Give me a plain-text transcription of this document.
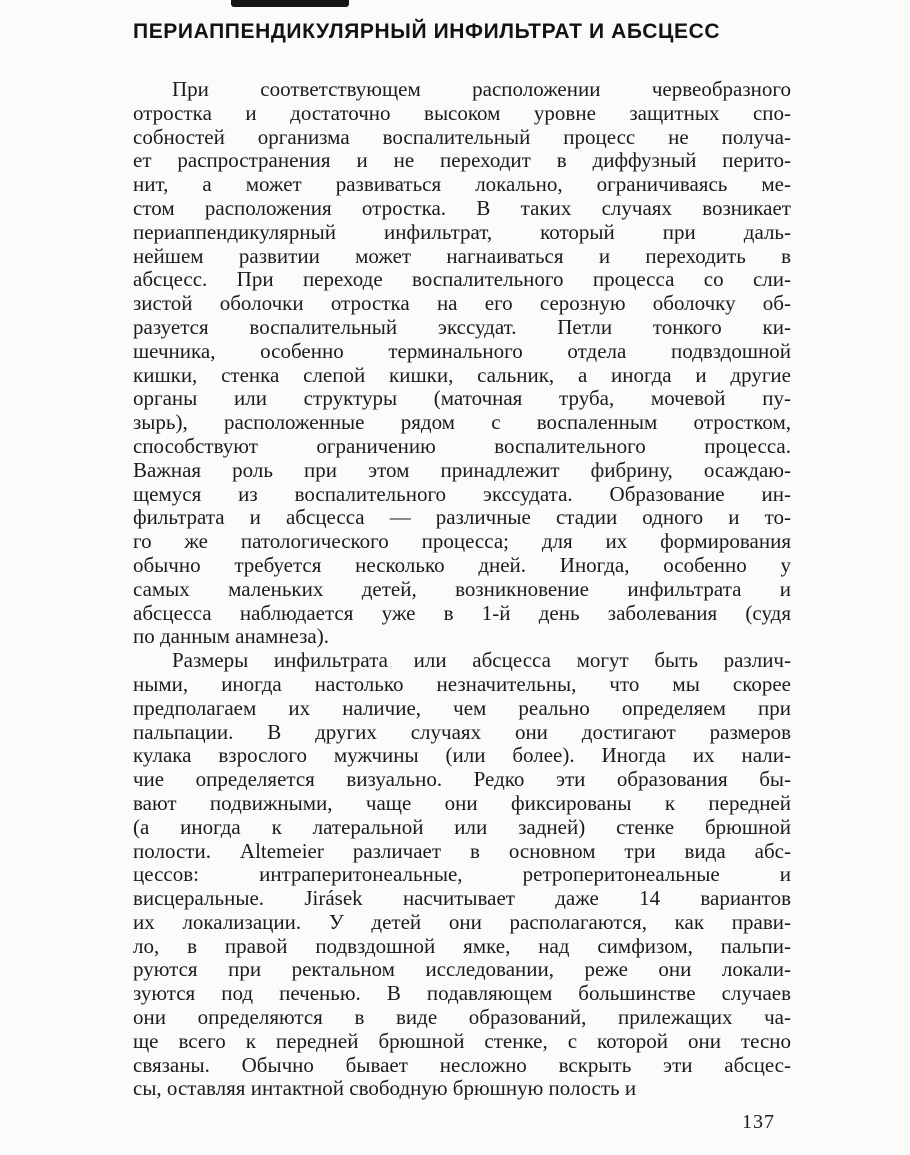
ПЕРИАППЕНДИКУЛЯРНЫЙ ИНФИЛЬТРАТ И АБСЦЕСС
При соответствующем расположении червеобразного
отростка и достаточно высоком уровне защитных спо-
собностей организма воспалительный процесс не получа-
ет распространения и не переходит в диффузный перито-
нит, а может развиваться локально, ограничиваясь ме-
стом расположения отростка. В таких случаях возникает
периаппендикулярный инфильтрат, который при даль-
нейшем развитии может нагнаиваться и переходить в
абсцесс. При переходе воспалительного процесса со сли-
зистой оболочки отростка на его серозную оболочку об-
разуется воспалительный экссудат. Петли тонкого ки-
шечника, особенно терминального отдела подвздошной
кишки, стенка слепой кишки, сальник, а иногда и другие
органы или структуры (маточная труба, мочевой пу-
зырь), расположенные рядом с воспаленным отростком,
способствуют ограничению воспалительного процесса.
Важная роль при этом принадлежит фибрину, осаждаю-
щемуся из воспалительного экссудата. Образование ин-
фильтрата и абсцесса — различные стадии одного и то-
го же патологического процесса; для их формирования
обычно требуется несколько дней. Иногда, особенно у
самых маленьких детей, возникновение инфильтрата и
абсцесса наблюдается уже в 1-й день заболевания (судя
по данным анамнеза).
Размеры инфильтрата или абсцесса могут быть различ-
ными, иногда настолько незначительны, что мы скорее
предполагаем их наличие, чем реально определяем при
пальпации. В других случаях они достигают размеров
кулака взрослого мужчины (или более). Иногда их нали-
чие определяется визуально. Редко эти образования бы-
вают подвижными, чаще они фиксированы к передней
(а иногда к латеральной или задней) стенке брюшной
полости. Altemeier различает в основном три вида абс-
цессов: интраперитонеальные, ретроперитонеальные и
висцеральные. Jirásek насчитывает даже 14 вариантов
их локализации. У детей они располагаются, как прави-
ло, в правой подвздошной ямке, над симфизом, пальпи-
руются при ректальном исследовании, реже они локали-
зуются под печенью. В подавляющем большинстве случаев
они определяются в виде образований, прилежащих ча-
ще всего к передней брюшной стенке, с которой они тесно
связаны. Обычно бывает несложно вскрыть эти абсцес-
сы, оставляя интактной свободную брюшную полость и
137
